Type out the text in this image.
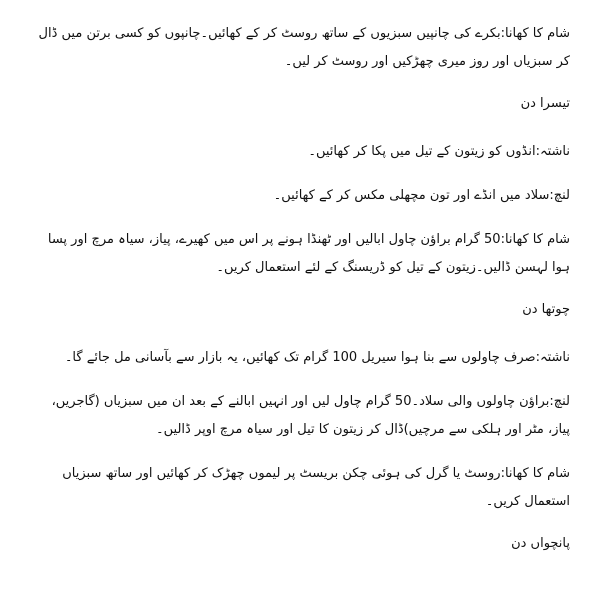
شام کا کھانا:بکرے کی چانپیں سبزیوں کے ساتھ روسٹ کر کے کھائیں۔چانپوں کو کسی برتن میں ڈال کر سبزیاں اور روز میری چھڑکیں اور روسٹ کر لیں۔

تیسرا دن

ناشتہ:انڈوں کو زیتون کے تیل میں پکا کر کھائیں۔

لنچ:سلاد میں انڈے اور تون مچھلی مکس کر کے کھائیں۔

شام کا کھانا:50 گرام براؤن چاول ابالیں اور ٹھنڈا ہونے پر اس میں کھیرے، پیاز، سیاہ مرچ اور پسا ہوا لہسن ڈالیں۔زیتون کے تیل کو ڈریسنگ کے لئے استعمال کریں۔

چوتھا دن

ناشتہ:صرف چاولوں سے بنا ہوا سیریل 100 گرام تک کھائیں، یہ بازار سے بآسانی مل جائے گا۔

لنچ:براؤن چاولوں والی سلاد۔50 گرام چاول لیں اور انہیں ابالنے کے بعد ان میں سبزیاں (گاجریں، پیاز، مٹر اور ہلکی سے مرچیں)ڈال کر زیتون کا تیل اور سیاہ مرچ اوپر ڈالیں۔

شام کا کھانا:روسٹ یا گرل کی ہوئی چکن بریسٹ پر لیموں چھڑک کر کھائیں اور ساتھ سبزیاں استعمال کریں۔

پانچواں دن
